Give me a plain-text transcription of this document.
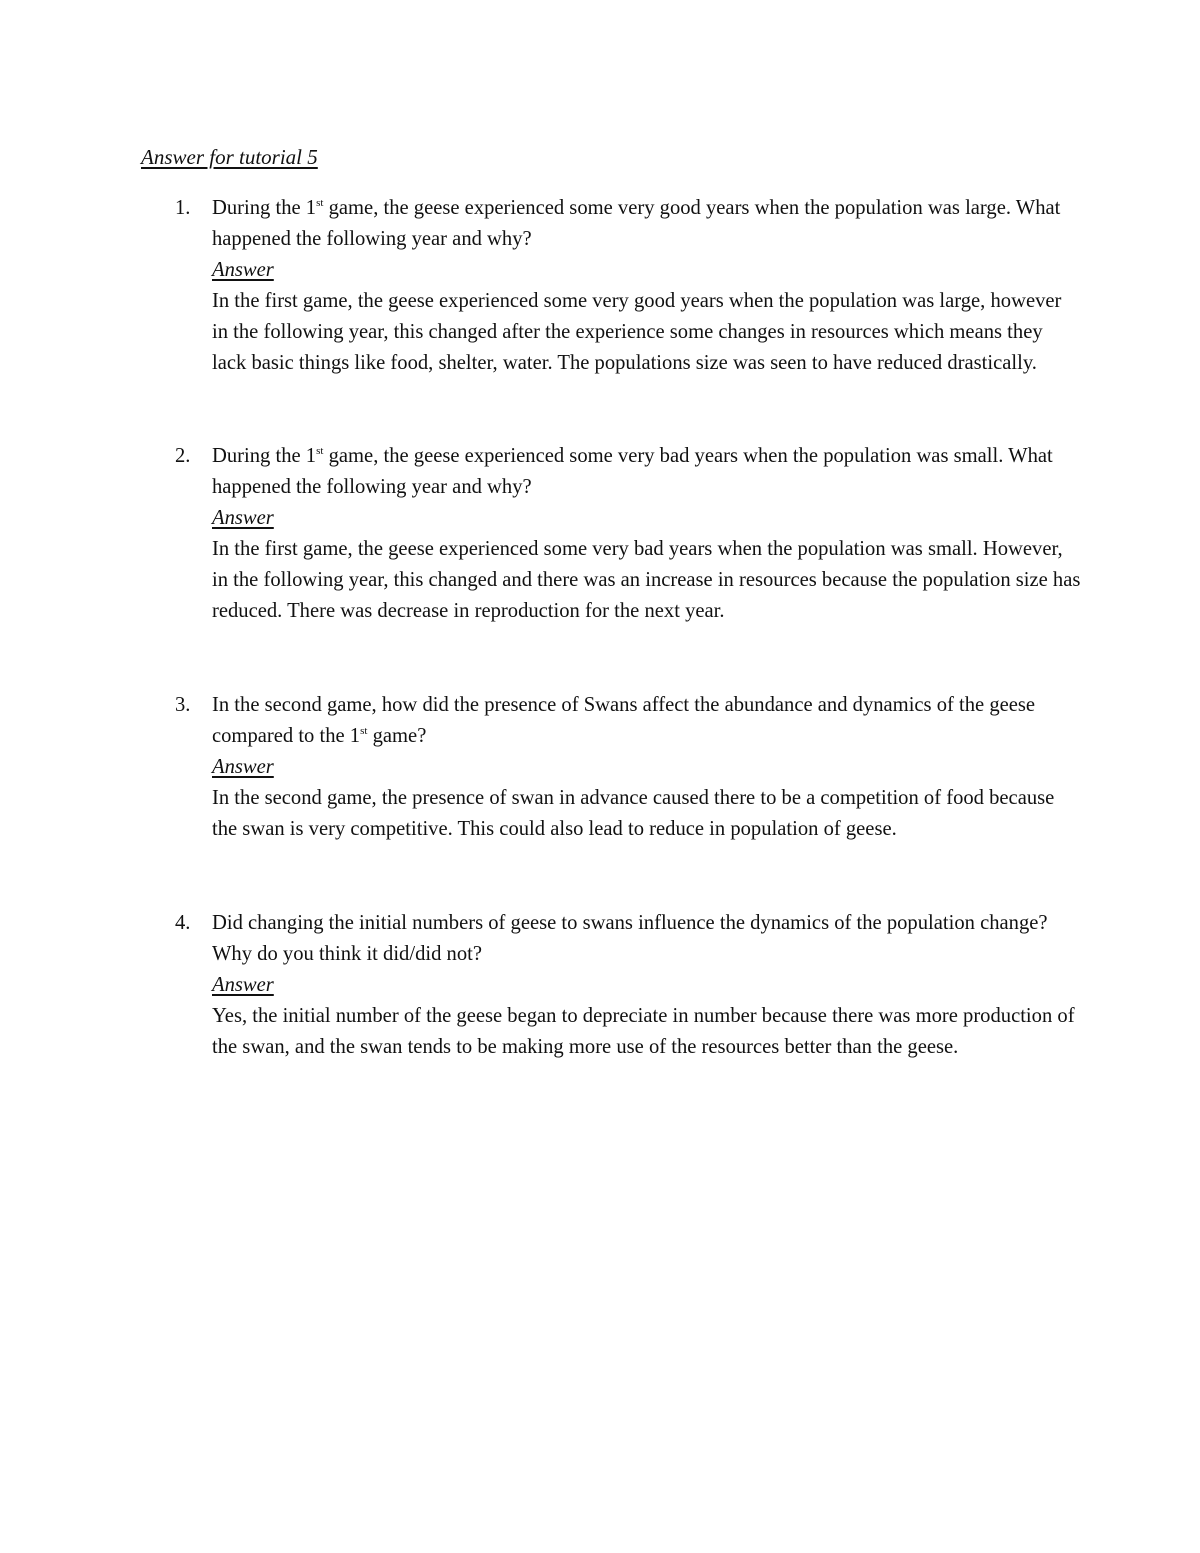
Answer for tutorial 5
1. During the 1st game, the geese experienced some very good years when the population was large. What happened the following year and why?

Answer

In the first game, the geese experienced some very good years when the population was large, however in the following year, this changed after the experience some changes in resources which means they lack basic things like food, shelter, water. The populations size was seen to have reduced drastically.

2. During the 1st game, the geese experienced some very bad years when the population was small. What happened the following year and why?

Answer

In the first game, the geese experienced some very bad years when the population was small. However, in the following year, this changed and there was an increase in resources because the population size has reduced. There was decrease in reproduction for the next year.

3. In the second game, how did the presence of Swans affect the abundance and dynamics of the geese compared to the 1st game?

Answer

In the second game, the presence of swan in advance caused there to be a competition of food because the swan is very competitive. This could also lead to reduce in population of geese.

4. Did changing the initial numbers of geese to swans influence the dynamics of the population change? Why do you think it did/did not?

Answer

Yes, the initial number of the geese began to depreciate in number because there was more production of the swan, and the swan tends to be making more use of the resources better than the geese.
